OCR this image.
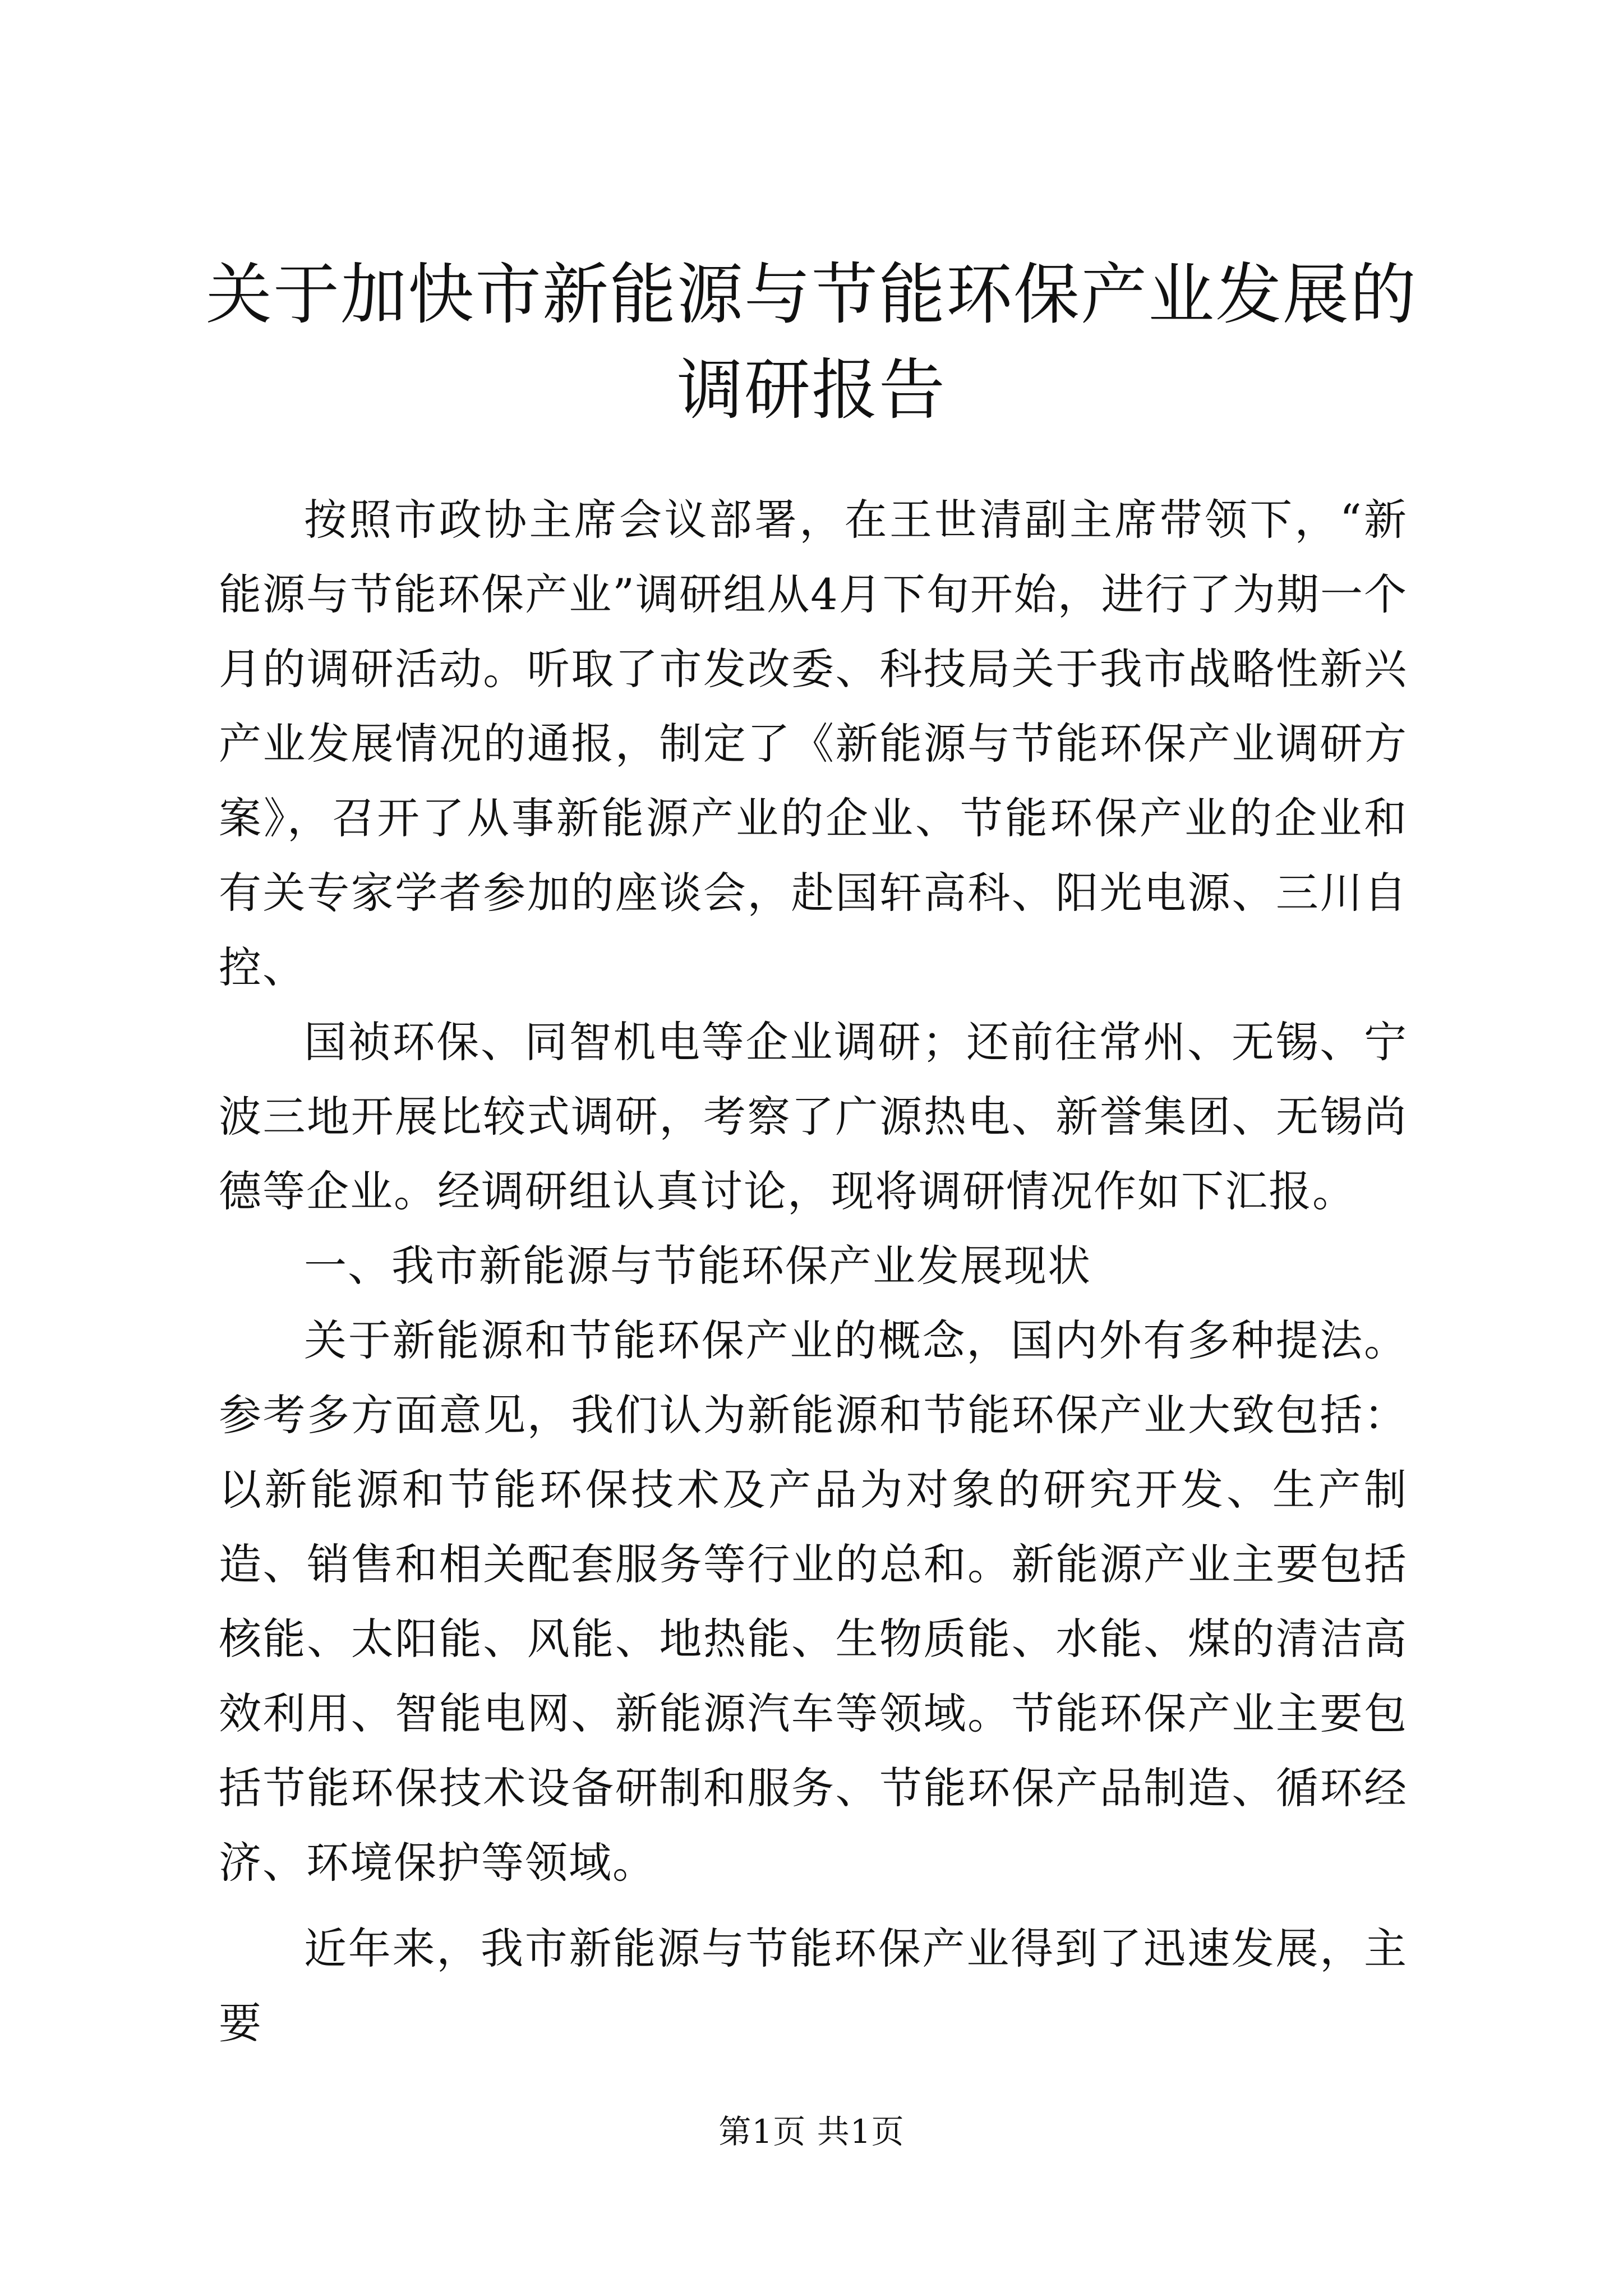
关于加快市新能源与节能环保产业发展的调研报告

按照市政协主席会议部署，在王世清副主席带领下，“新能源与节能环保产业”调研组从4月下旬开始，进行了为期一个月的调研活动。听取了市发改委、科技局关于我市战略性新兴产业发展情况的通报，制定了《新能源与节能环保产业调研方案》，召开了从事新能源产业的企业、节能环保产业的企业和有关专家学者参加的座谈会，赴国轩高科、阳光电源、三川自控、

国祯环保、同智机电等企业调研；还前往常州、无锡、宁波三地开展比较式调研，考察了广源热电、新誉集团、无锡尚德等企业。经调研组认真讨论，现将调研情况作如下汇报。

一、我市新能源与节能环保产业发展现状

关于新能源和节能环保产业的概念，国内外有多种提法。参考多方面意见，我们认为新能源和节能环保产业大致包括：以新能源和节能环保技术及产品为对象的研究开发、生产制造、销售和相关配套服务等行业的总和。新能源产业主要包括核能、太阳能、风能、地热能、生物质能、水能、煤的清洁高效利用、智能电网、新能源汽车等领域。节能环保产业主要包括节能环保技术设备研制和服务、节能环保产品制造、循环经济、环境保护等领域。

近年来，我市新能源与节能环保产业得到了迅速发展，主要

第1页 共1页
